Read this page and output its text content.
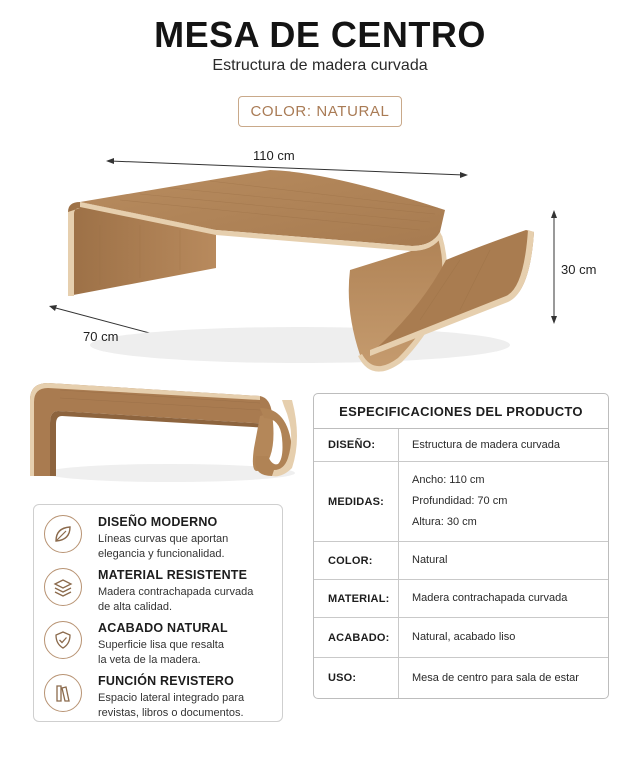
MESA DE CENTRO
Estructura de madera curvada
COLOR: NATURAL
110 cm
30 cm
70 cm
DISEÑO MODERNO
Líneas curvas que aportan
elegancia y funcionalidad.
MATERIAL RESISTENTE
Madera contrachapada curvada
de alta calidad.
ACABADO NATURAL
Superficie lisa que resalta
la veta de la madera.
FUNCIÓN REVISTERO
Espacio lateral integrado para
revistas, libros o documentos.
ESPECIFICACIONES DEL PRODUCTO
DISEÑO:	Estructura de madera curvada
MEDIDAS:
Ancho: 110 cm
Profundidad: 70 cm
Altura: 30 cm
COLOR:	Natural
MATERIAL:	Madera contrachapada curvada
ACABADO:	Natural, acabado liso
USO:	Mesa de centro para sala de estar
